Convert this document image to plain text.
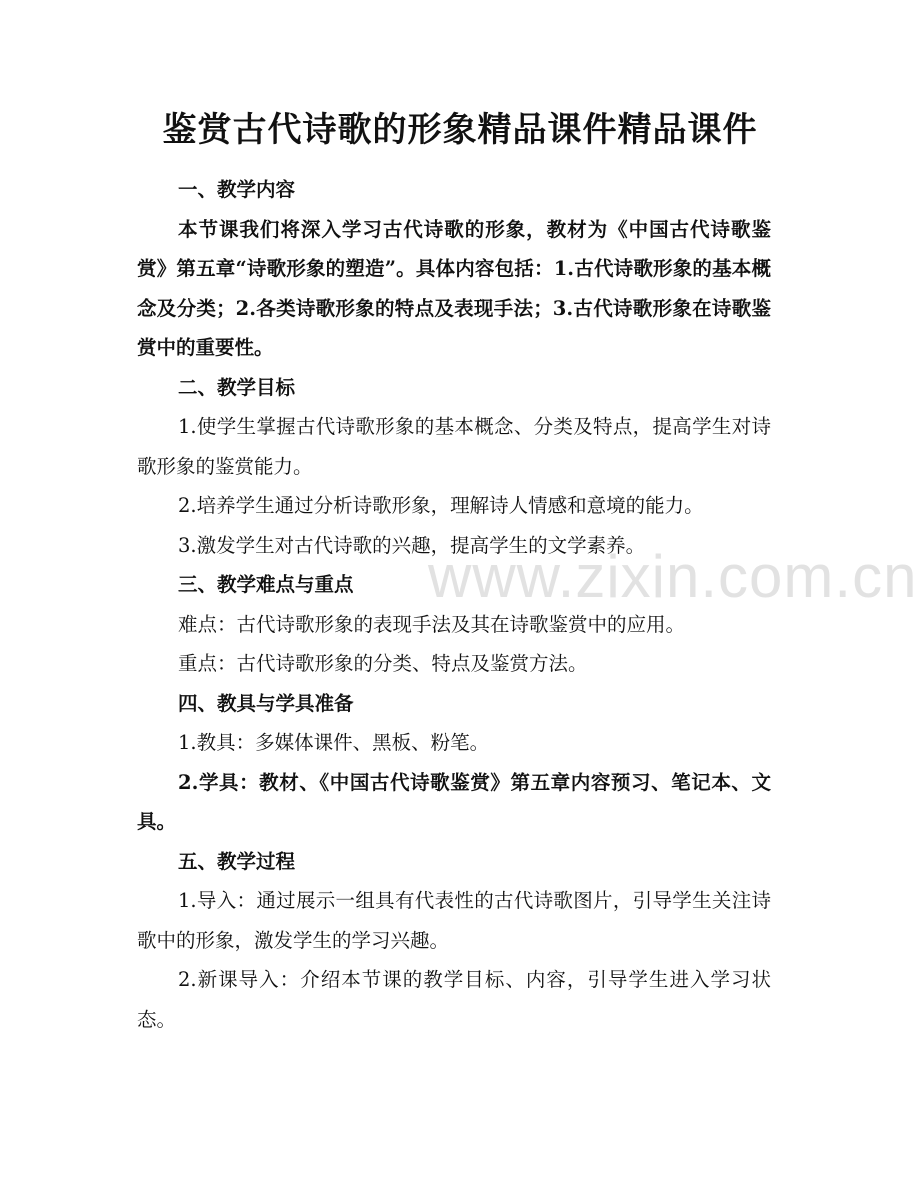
www.zixin.com.cn
鉴赏古代诗歌的形象精品课件精品课件

一、教学内容

本节课我们将深入学习古代诗歌的形象，教材为《中国古代诗歌鉴赏》第五章“诗歌形象的塑造”。具体内容包括：1.古代诗歌形象的基本概念及分类；2.各类诗歌形象的特点及表现手法；3.古代诗歌形象在诗歌鉴赏中的重要性。

二、教学目标

1.使学生掌握古代诗歌形象的基本概念、分类及特点，提高学生对诗歌形象的鉴赏能力。

2.培养学生通过分析诗歌形象，理解诗人情感和意境的能力。

3.激发学生对古代诗歌的兴趣，提高学生的文学素养。

三、教学难点与重点

难点：古代诗歌形象的表现手法及其在诗歌鉴赏中的应用。

重点：古代诗歌形象的分类、特点及鉴赏方法。

四、教具与学具准备

1.教具：多媒体课件、黑板、粉笔。

2.学具：教材、《中国古代诗歌鉴赏》第五章内容预习、笔记本、文具。

五、教学过程

1.导入：通过展示一组具有代表性的古代诗歌图片，引导学生关注诗歌中的形象，激发学生的学习兴趣。

2.新课导入：介绍本节课的教学目标、内容，引导学生进入学习状态。
